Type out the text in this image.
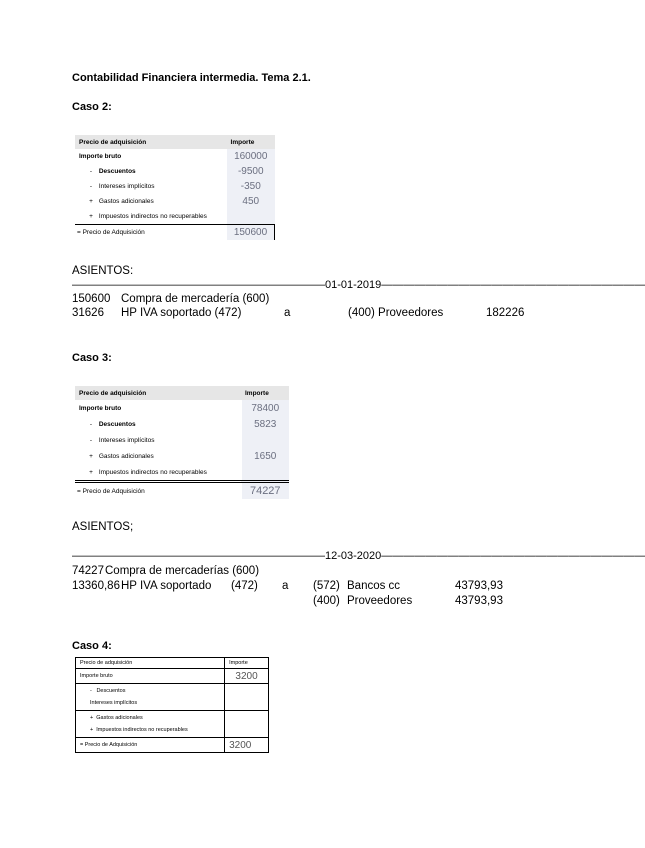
Contabilidad Financiera intermedia. Tema 2.1.
Caso 2:
Precio de adquisición	Importe
Importe bruto	160000
- Descuentos	-9500
- Intereses implícitos	-350
+ Gastos adicionales	450
+ Impuestos indirectos no recuperables	
= Precio de Adquisición	150600
ASIENTOS:
———————————————————————01-01-2019————————————————————————
150600 Compra de mercadería (600)
31626 HP IVA soportado (472)	a	(400) Proveedores	182226
Caso 3:
Precio de adquisición	Importe
Importe bruto	78400
- Descuentos	5823
- Intereses implícitos	
+ Gastos adicionales	1650
+ Impuestos indirectos no recuperables	
= Precio de Adquisición	74227
ASIENTOS;
———————————————————————12-03-2020————————————————————————
74227 Compra de mercaderías (600)
13360,86 HP IVA soportado (472) a (572) Bancos cc	43793,93
(400) Proveedores	43793,93
Caso 4:
Precio de adquisición	Importe
Importe bruto	3200

- Descuentos
Intereses implícitos	

+ Gastos adicionales
+ Impuestos indirectos no recuperables	

= Precio de Adquisición	3200
